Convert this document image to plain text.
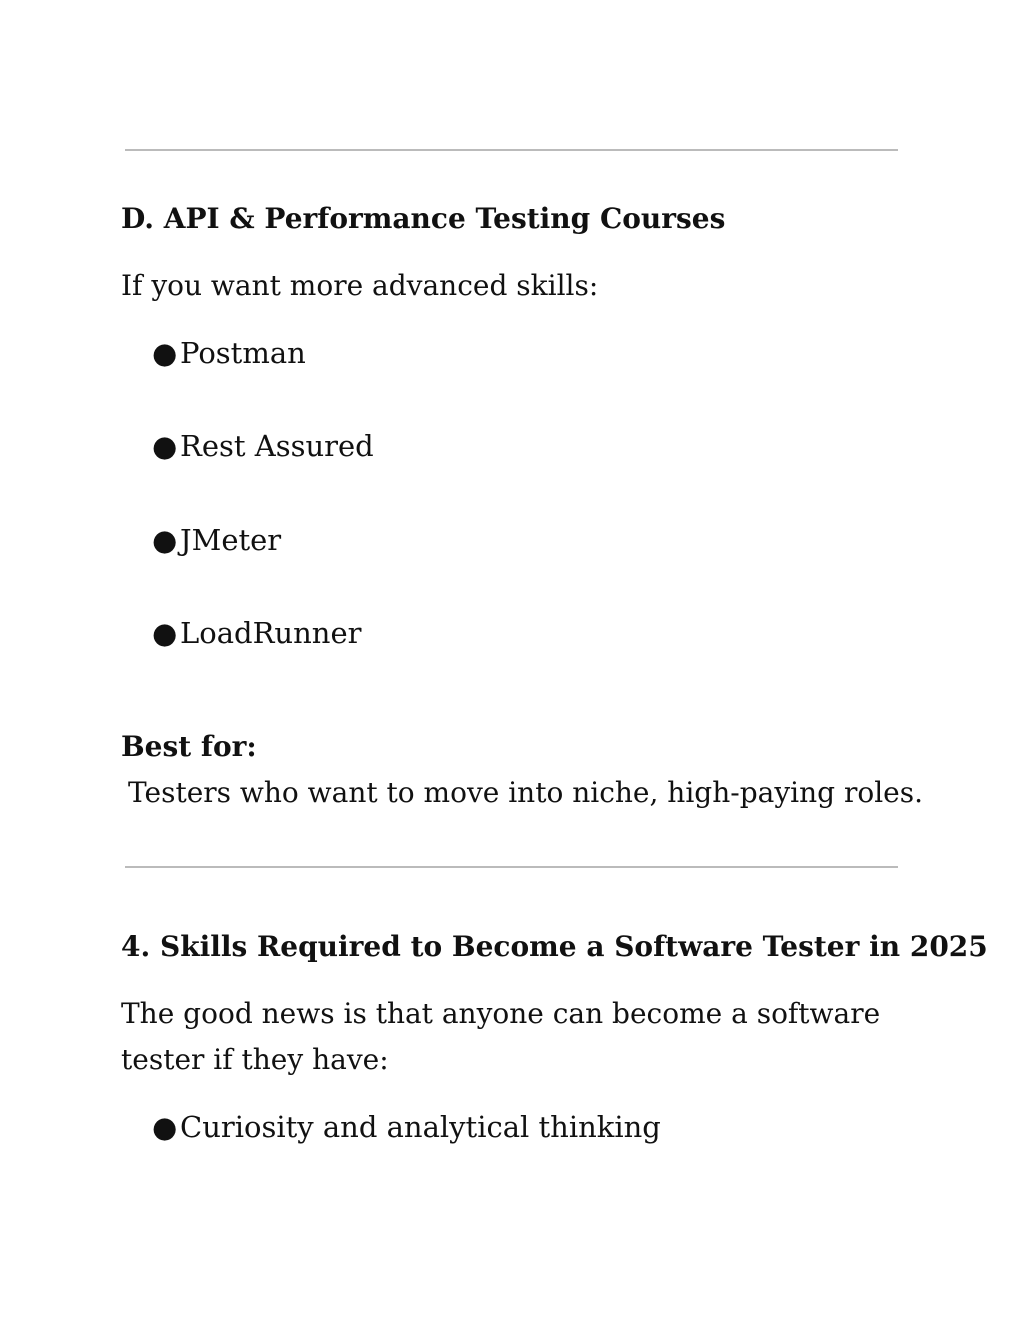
D. API & Performance Testing Courses
If you want more advanced skills:
●Postman
●Rest Assured
●JMeter
●LoadRunner
Best for:
Testers who want to move into niche, high-paying roles.
4. Skills Required to Become a Software Tester in 2025
The good news is that anyone can become a software
tester if they have:
●Curiosity and analytical thinking
